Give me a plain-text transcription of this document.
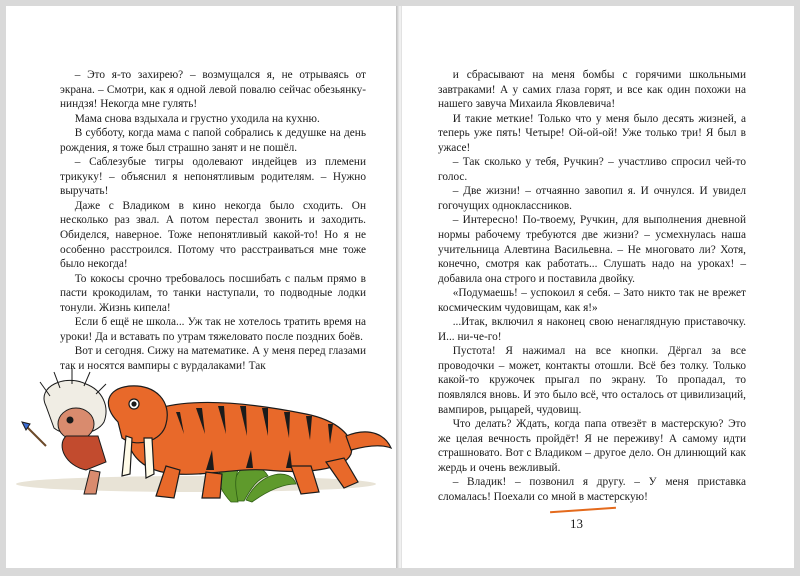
– Это я-то захирею? – возмущался я, не отрываясь от экрана. – Смотри, как я одной левой повалю сейчас обезьянку-ниндзя! Некогда мне гулять!

Мама снова вздыхала и грустно уходила на кухню.

В субботу, когда мама с папой собрались к дедушке на день рождения, я тоже был страшно занят и не пошёл.

– Саблезубые тигры одолевают индейцев из племени трикукy! – объяснил я непонятливым родителям. – Нужно выручать!

Даже с Владиком в кино некогда было сходить. Он несколько раз звал. А потом перестал звонить и заходить. Обиделся, наверное. Тоже непонятливый какой-то! Но я не особенно расстроился. Потому что расстраиваться мне тоже было некогда!

То кокосы срочно требовалось посшибать с пальм прямо в пасти крокодилам, то танки наступали, то подводные лодки тонули. Жизнь кипела!

Если б ещё не школа... Уж так не хотелось тратить время на уроки! Да и вставать по утрам тяжеловато после поздних боёв.

Вот и сегодня. Сижу на математике. А у меня перед глазами так и носятся вампиры с вурдалаками! Так

и сбрасывают на меня бомбы с горячими школьными завтраками! А у самих глаза горят, и все как один похожи на нашего завуча Михаила Яковлевича!

И такие меткие! Только что у меня было десять жизней, а теперь уже пять! Четыре! Ой-ой-ой! Уже только три! Я был в ужасе!

– Так сколько у тебя, Ручкин? – участливо спросил чей-то голос.

– Две жизни! – отчаянно завопил я. И очнулся. И увидел гогочущих одноклассников.

– Интересно! По-твоему, Ручкин, для выполнения дневной нормы рабочему требуются две жизни? – усмехнулась наша учительница Алевтина Васильевна. – Не многовато ли? Хотя, конечно, смотря как работать... Слушать надо на уроках! – добавила она строго и поставила двойку.

«Подумаешь! – успокоил я себя. – Зато никто так не врежет космическим чудовищам, как я!»

...Итак, включил я наконец свою ненаглядную приставочку. И... ни-че-го!

Пустота! Я нажимал на все кнопки. Дёргал за все проводочки – может, контакты отошли. Всё без толку. Только какой-то кружочек прыгал по экрану. То пропадал, то появлялся вновь. И это было всё, что осталось от цивилизаций, вампиров, рыцарей, чудовищ.

Что делать? Ждать, когда папа отвезёт в мастерскую? Это же целая вечность пройдёт! Я не переживу! А самому идти страшновато. Вот с Владиком – другое дело. Он длинющий как жердь и очень вежливый.

– Владик! – позвонил я другу. – У меня приставка сломалась! Поехали со мной в мастерскую!

13
